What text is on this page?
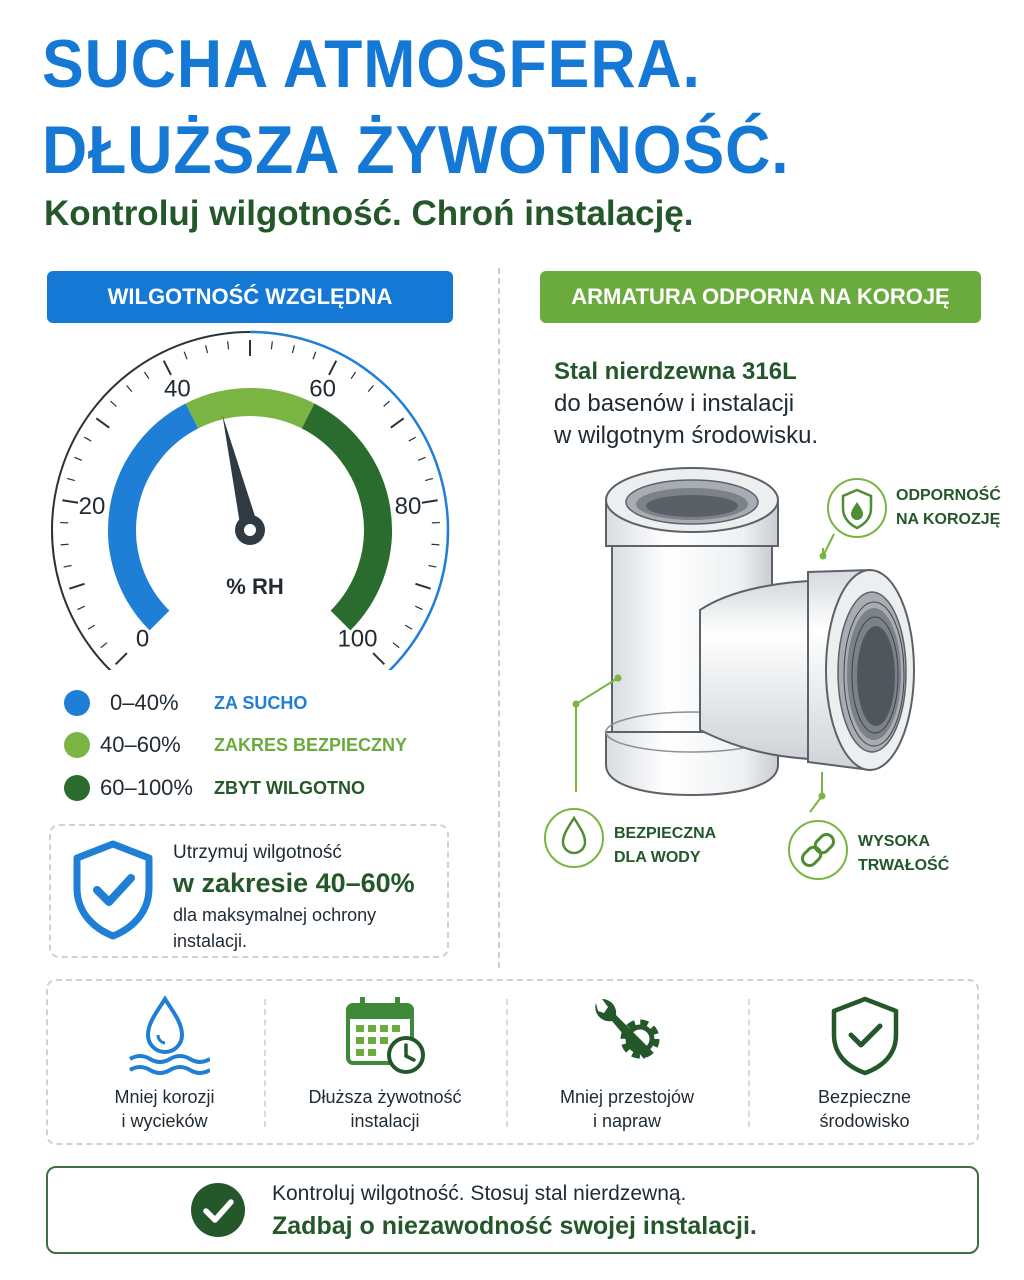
SUCHA ATMOSFERA.
DŁUŻSZA ŻYWOTNOŚĆ.
Kontroluj wilgotność. Chroń instalację.
WILGOTNOŚĆ WZGLĘDNA	ARMATURA ODPORNA NA KOROJĘ
0
20
40	60
80
100
% RH
0–40%	ZA SUCHO
40–60%	ZAKRES BEZPIECZNY
60–100%	ZBYT WILGOTNO
Utrzymuj wilgotność
w zakresie 40–60%
dla maksymalnej ochrony instalacji.
Stal nierdzewna 316L
do basenów i instalacji
w wilgotnym środowisku.
ODPORNOŚĆ
NA KOROZJĘ
BEZPIECZNA
DLA WODY
WYSOKA
TRWAŁOŚĆ
Mniej korozji
i wycieków
Dłuższa żywotność
instalacji
Mniej przestojów
i napraw
Bezpieczne
środowisko
Kontroluj wilgotność. Stosuj stal nierdzewną.
Zadbaj o niezawodność swojej instalacji.
